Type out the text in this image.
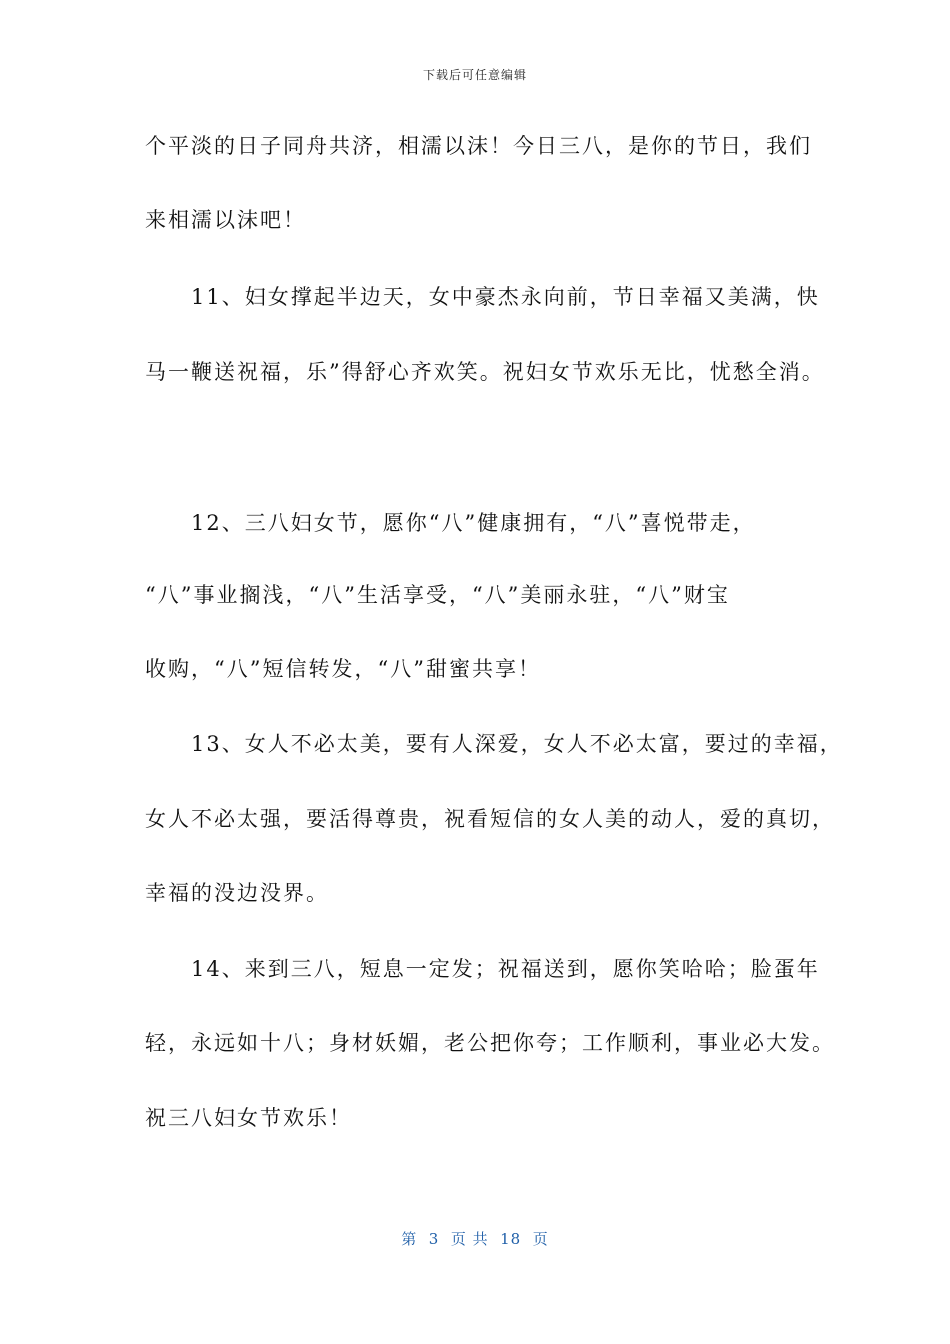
下载后可任意编辑
个平淡的日子同舟共济，相濡以沫！今日三八，是你的节日，我们
来相濡以沫吧！
　　11、妇女撑起半边天，女中豪杰永向前，节日幸福又美满，快
马一鞭送祝福，乐”得舒心齐欢笑。祝妇女节欢乐无比，忧愁全消。
　　12、三八妇女节，愿你“八”健康拥有，“八”喜悦带走，
“八”事业搁浅，“八”生活享受，“八”美丽永驻，“八”财宝
收购，“八”短信转发，“八”甜蜜共享！
　　13、女人不必太美，要有人深爱，女人不必太富，要过的幸福，
女人不必太强，要活得尊贵，祝看短信的女人美的动人，爱的真切，
幸福的没边没界。
　　14、来到三八，短息一定发；祝福送到，愿你笑哈哈；脸蛋年
轻，永远如十八；身材妖媚，老公把你夸；工作顺利，事业必大发。
祝三八妇女节欢乐！
第  3  页 共  18  页
